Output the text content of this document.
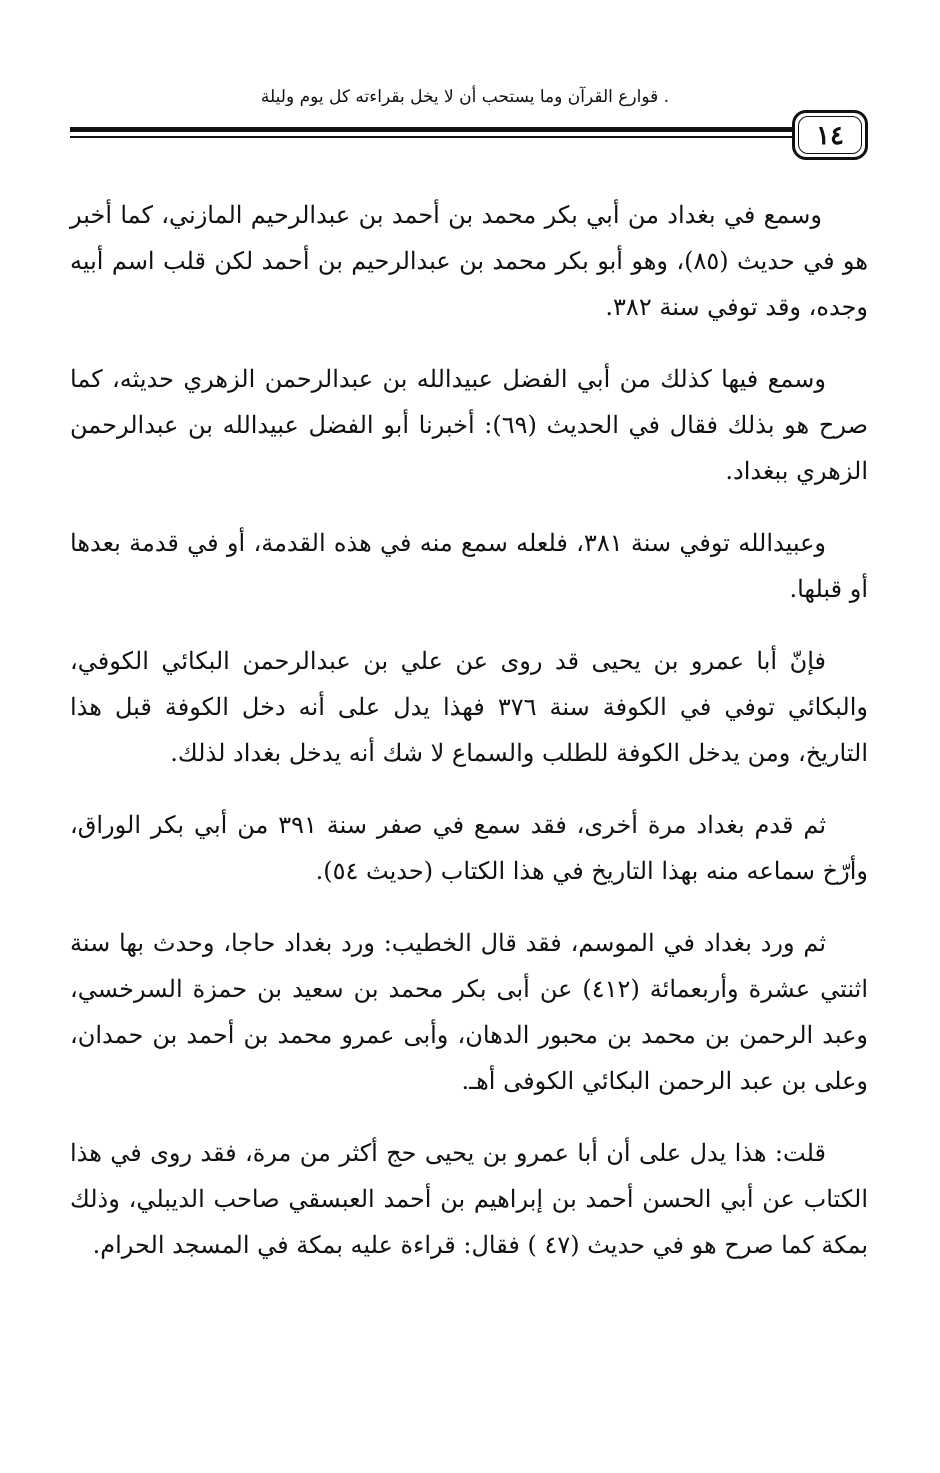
. قوارع القرآن وما يستحب أن لا يخل بقراءته كل يوم وليلة
١٤

وسمع في بغداد من أبي بكر محمد بن أحمد بن عبدالرحيم المازني، كما أخبر هو في حديث (٨٥)، وهو أبو بكر محمد بن عبدالرحيم بن أحمد لكن قلب اسم أبيه وجده، وقد توفي سنة ٣٨٢.

وسمع فيها كذلك من أبي الفضل عبيدالله بن عبدالرحمن الزهري حديثه، كما صرح هو بذلك فقال في الحديث (٦٩): أخبرنا أبو الفضل عبيدالله بن عبدالرحمن الزهري ببغداد.

وعبيدالله توفي سنة ٣٨١، فلعله سمع منه في هذه القدمة، أو في قدمة بعدها أو قبلها.

فإنّ أبا عمرو بن يحيى قد روى عن علي بن عبدالرحمن البكائي الكوفي، والبكائي توفي في الكوفة سنة ٣٧٦ فهذا يدل على أنه دخل الكوفة قبل هذا التاريخ، ومن يدخل الكوفة للطلب والسماع لا شك أنه يدخل بغداد لذلك.

ثم قدم بغداد مرة أخرى، فقد سمع في صفر سنة ٣٩١ من أبي بكر الوراق، وأرّخ سماعه منه بهذا التاريخ في هذا الكتاب (حديث ٥٤).

ثم ورد بغداد في الموسم، فقد قال الخطيب: ورد بغداد حاجا، وحدث بها سنة اثنتي عشرة وأربعمائة (٤١٢) عن أبى بكر محمد بن سعيد بن حمزة السرخسي، وعبد الرحمن بن محمد بن محبور الدهان، وأبى عمرو محمد بن أحمد بن حمدان، وعلى بن عبد الرحمن البكائي الكوفى أهـ.

قلت: هذا يدل على أن أبا عمرو بن يحيى حج أكثر من مرة، فقد روى في هذا الكتاب عن أبي الحسن أحمد بن إبراهيم بن أحمد العبسقي صاحب الديبلي، وذلك بمكة كما صرح هو في حديث (٤٧ ) فقال: قراءة عليه بمكة في المسجد الحرام.
